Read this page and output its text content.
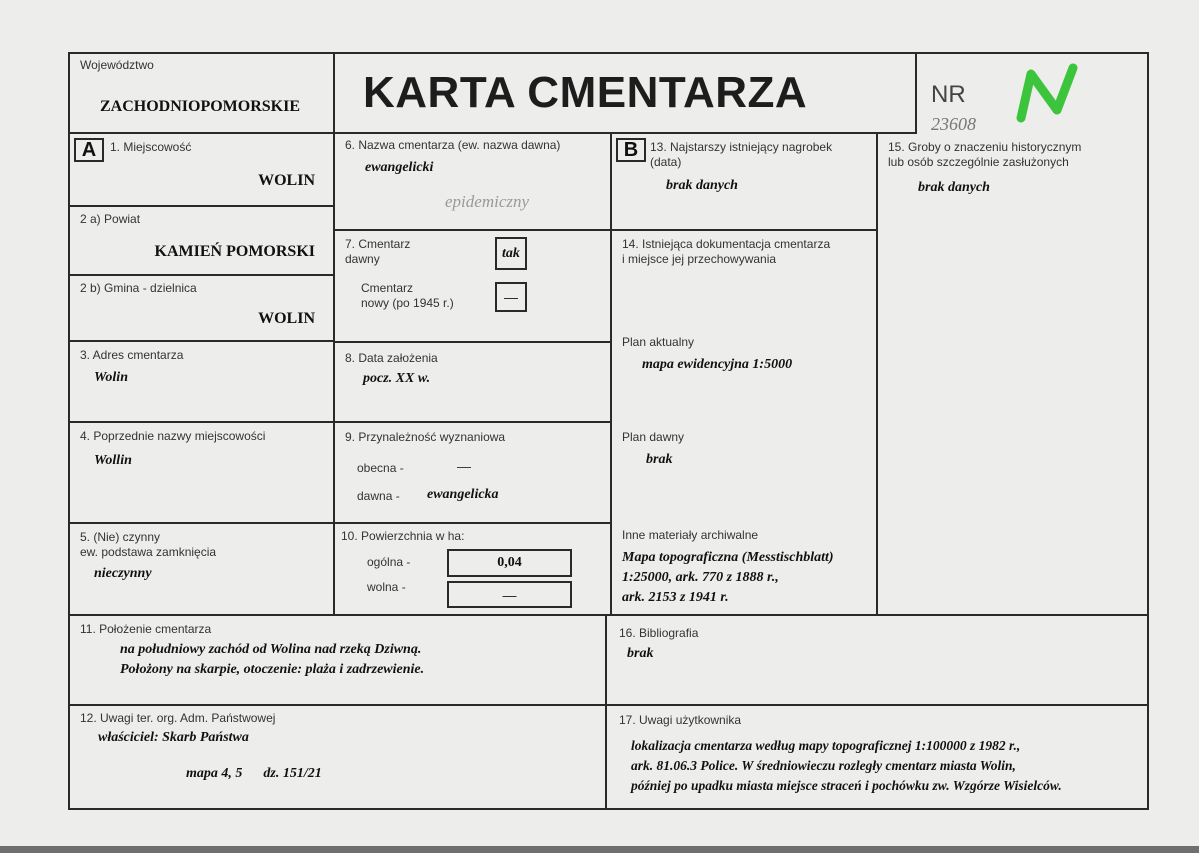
Województwo
ZACHODNIOPOMORSKIE KARTA CMENTARZA	NR
23608
A	1. Miejscowość
WOLIN
2 a) Powiat
KAMIEŃ POMORSKI
2 b) Gmina - dzielnica
WOLIN
3. Adres cmentarza
Wolin
4. Poprzednie nazwy miejscowości
Wollin
5. (Nie) czynny
ew. podstawa zamknięcia
nieczynny
6. Nazwa cmentarza (ew. nazwa dawna)
ewangelicki
epidemiczny
7. Cmentarz
dawny	tak
Cmentarz
nowy (po 1945 r.)	—
8. Data założenia
pocz. XX w.
9. Przynależność wyznaniowa
obecna -	—
dawna - ewangelicka
10. Powierzchnia w ha:
ogólna -	0,04
wolna -	—
B 13. Najstarszy istniejący nagrobek
(data)
brak danych
14. Istniejąca dokumentacja cmentarza
i miejsce jej przechowywania
Plan aktualny
mapa ewidencyjna 1:5000
Plan dawny
brak
Inne materiały archiwalne
Mapa topograficzna (Messtischblatt)
1:25000, ark. 770 z 1888 r.,
ark. 2153 z 1941 r.
15. Groby o znaczeniu historycznym
lub osób szczególnie zasłużonych
brak danych
11. Położenie cmentarza
na południowy zachód od Wolina nad rzeką Dziwną.
Położony na skarpie, otoczenie: plaża i zadrzewienie.
16. Bibliografia
brak
12. Uwagi ter. org. Adm. Państwowej
właściciel: Skarb Państwa
mapa 4, 5      dz. 151/21
17. Uwagi użytkownika
lokalizacja cmentarza według mapy topograficznej 1:100000 z 1982 r.,
ark. 81.06.3 Police. W średniowieczu rozległy cmentarz miasta Wolin,
później po upadku miasta miejsce straceń i pochówku zw. Wzgórze Wisielców.
